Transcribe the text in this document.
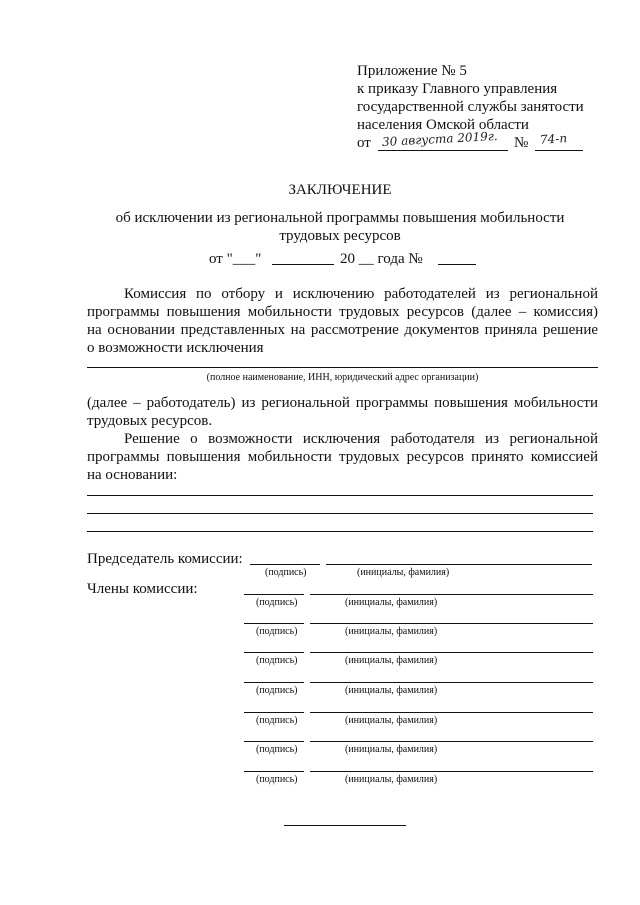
Приложение № 5
к приказу Главного управления
государственной службы занятости
населения Омской области
от 30 августа 2019г. № 74-п
ЗАКЛЮЧЕНИЕ
об исключении из региональной программы повышения мобильности
трудовых ресурсов
от "___"	20 __ года №
Комиссия по отбору и исключению работодателей из региональной
программы повышения мобильности трудовых ресурсов (далее – комиссия)
на основании представленных на рассмотрение документов приняла решение
о возможности исключения
(полное наименование, ИНН, юридический адрес организации)
(далее – работодатель) из региональной программы повышения мобильности
трудовых ресурсов.
Решение о возможности исключения работодателя из региональной
программы повышения мобильности трудовых ресурсов принято комиссией
на основании:
Председатель комиссии:
(подпись)	(инициалы, фамилия)
Члены комиссии:
(подпись)	(инициалы, фамилия)
(подпись)	(инициалы, фамилия)
(подпись)	(инициалы, фамилия)
(подпись)	(инициалы, фамилия)
(подпись)	(инициалы, фамилия)
(подпись)	(инициалы, фамилия)
(подпись)	(инициалы, фамилия)
